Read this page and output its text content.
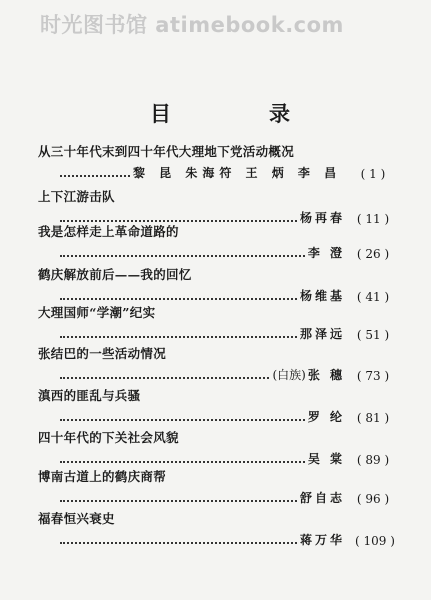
时光图书馆 atimebook.com
目	录
从三十年代末到四十年代大理地下党活动概况
黎 昆 朱海符 王 炳 李 昌	( 1 )
上下江游击队
杨再春 ( 11 )
我是怎样走上革命道路的
李 澄 ( 26 )
鹤庆解放前后——我的回忆
杨维基 ( 41 )
大理国师“学潮”纪实
那泽远 ( 51 )
张结巴的一些活动情况
(白族) 张 穗 ( 73 )
滇西的匪乱与兵骚
罗 纶 ( 81 )
四十年代的下关社会风貌
吴 棠 ( 89 )
博南古道上的鹤庆商帮
舒自志 ( 96 )
福春恒兴衰史
蒋万华 ( 109 )
